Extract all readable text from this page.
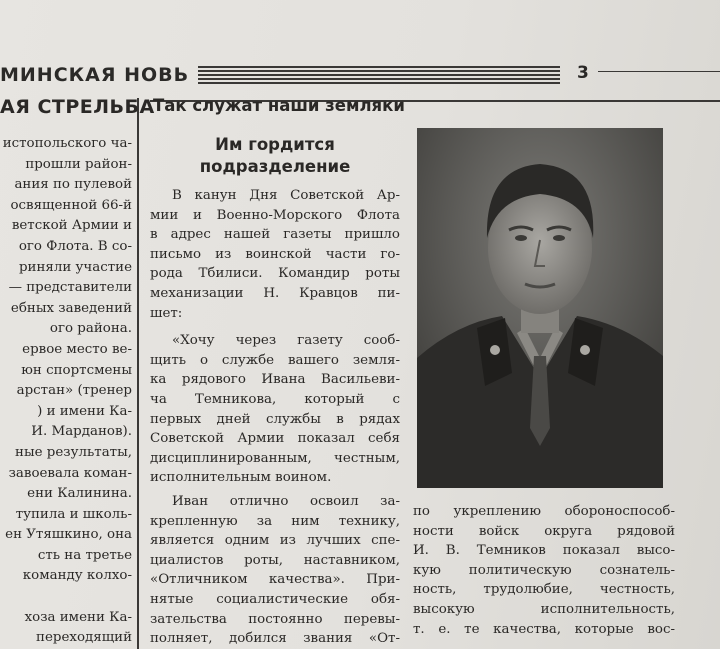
МИНСКАЯ НОВЬ	3
АЯ СТРЕЛЬБА
истопольского ча-
прошли район-
ания по пулевой
освященной 66-й
ветской Армии и
ого Флота. В со-
риняли участие
— представители
ебных заведений
ого района.
ервое место ве-
юн спортсмены
арстан» (тренер
) и имени Ка-
И. Марданов).
ные результаты,
завоевала коман-
ени Калинина.
тупила и школь-
ен Утяшкино, она
сть на третье
команду колхо-

хоза имени Ка-
переходящий
Так служат наши земляки
Им гордится
подразделение
В канун Дня Советской Ар-
мии и Военно-Морского Флота
в адрес нашей газеты пришло
письмо из воинской части го-
рода Тбилиси. Командир роты
механизации Н. Кравцов пи-
шет:
«Хочу через газету сооб-
щить о службе вашего земля-
ка рядового Ивана Васильеви-
ча Темникова, который с
первых дней службы в рядах
Советской Армии показал себя
дисциплинированным, честным,
исполнительным воином.
Иван отлично освоил за-
крепленную за ним технику,
является одним из лучших спе-
циалистов роты, наставником,
«Отличником качества». При-
нятые социалистические обя-
зательства постоянно перевы-
полняет, добился звания «От-
по укреплению обороноспособ-
ности войск округа рядовой
И. В. Темников показал высо-
кую политическую сознатель-
ность, трудолюбие, честность,
высокую исполнительность,
т. е. те качества, которые вос-
